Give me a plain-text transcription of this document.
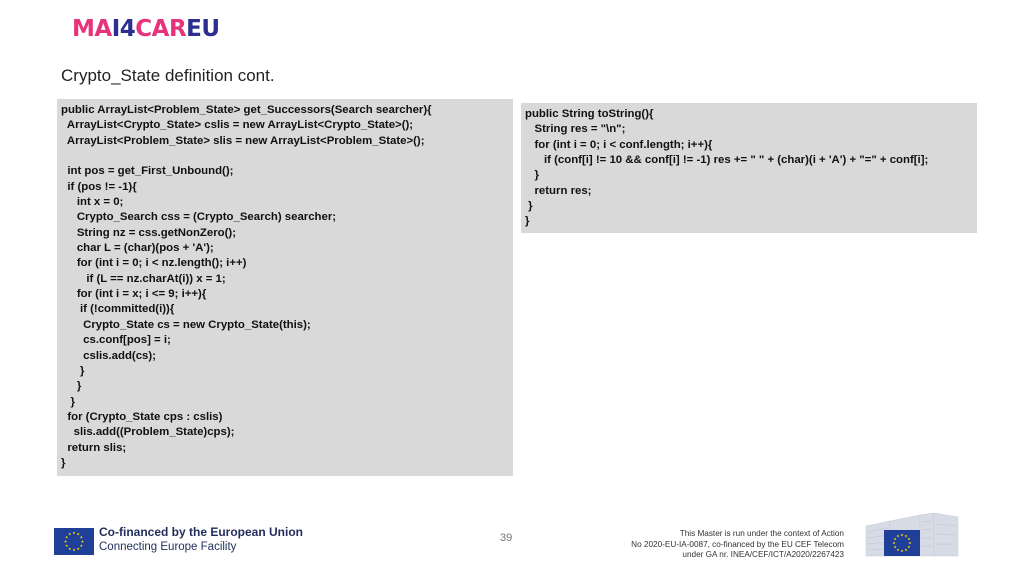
MAI4CAREU
Crypto_State definition cont.
public ArrayList<Problem_State> get_Successors(Search searcher){
ArrayList<Crypto_State> cslis = new ArrayList<Crypto_State>();
ArrayList<Problem_State> slis = new ArrayList<Problem_State>();
int pos = get_First_Unbound();
if (pos != -1){
int x = 0;
Crypto_Search css = (Crypto_Search) searcher;
String nz = css.getNonZero();
char L = (char)(pos + 'A');
for (int i = 0; i < nz.length(); i++)
if (L == nz.charAt(i)) x = 1;
for (int i = x; i <= 9; i++){
if (!committed(i)){
Crypto_State cs = new Crypto_State(this);
cs.conf[pos] = i;
cslis.add(cs);
}
}
}
for (Crypto_State cps : cslis)
slis.add((Problem_State)cps);
return slis;
}
public String toString(){
String res = "\n";
for (int i = 0; i < conf.length; i++){
if (conf[i] != 10 && conf[i] != -1) res += " " + (char)(i + 'A') + "=" + conf[i];
}
return res;
}
}
Co-financed by the European Union
Connecting Europe Facility
39	This Master is run under the context of Action
No 2020-EU-IA-0087, co-financed by the EU CEF Telecom
under GA nr. INEA/CEF/ICT/A2020/2267423
